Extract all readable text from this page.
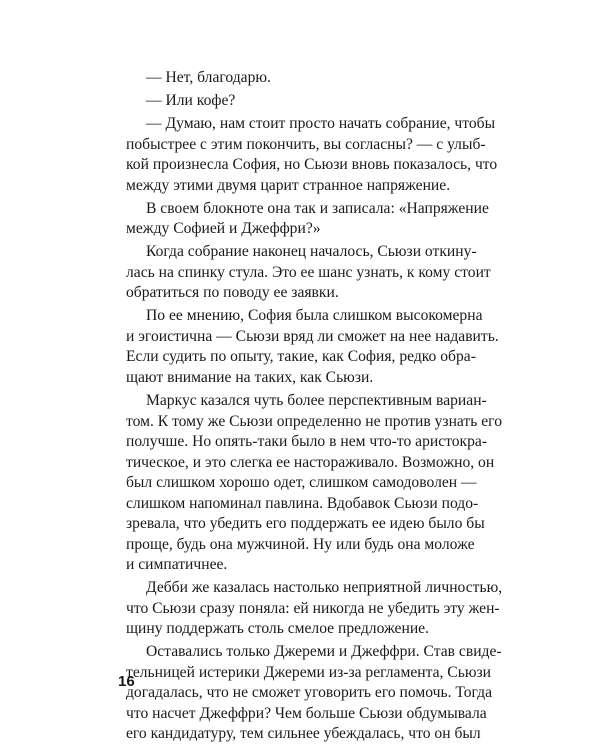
— Нет, благодарю.
— Или кофе?
— Думаю, нам стоит просто начать собрание, чтобы
побыстрее с этим покончить, вы согласны? — с улыб-
кой произнесла София, но Сьюзи вновь показалось, что
между этими двумя царит странное напряжение.
В своем блокноте она так и записала: «Напряжение
между Софией и Джеффри?»
Когда собрание наконец началось, Сьюзи откину-
лась на спинку стула. Это ее шанс узнать, к кому стоит
обратиться по поводу ее заявки.
По ее мнению, София была слишком высокомерна
и эгоистична — Сьюзи вряд ли сможет на нее надавить.
Если судить по опыту, такие, как София, редко обра-
щают внимание на таких, как Сьюзи.
Маркус казался чуть более перспективным вариан-
том. К тому же Сьюзи определенно не против узнать его
получше. Но опять-таки было в нем что-то аристокра-
тическое, и это слегка ее настораживало. Возможно, он
был слишком хорошо одет, слишком самодоволен —
слишком напоминал павлина. Вдобавок Сьюзи подо-
зревала, что убедить его поддержать ее идею было бы
проще, будь она мужчиной. Ну или будь она моложе
и симпатичнее.
Дебби же казалась настолько неприятной личностью,
что Сьюзи сразу поняла: ей никогда не убедить эту жен-
щину поддержать столь смелое предложение.
Оставались только Джереми и Джеффри. Став свиде-
тельницей истерики Джереми из-за регламента, Сьюзи
догадалась, что не сможет уговорить его помочь. Тогда
что насчет Джеффри? Чем больше Сьюзи обдумывала
его кандидатуру, тем сильнее убеждалась, что он был
16
